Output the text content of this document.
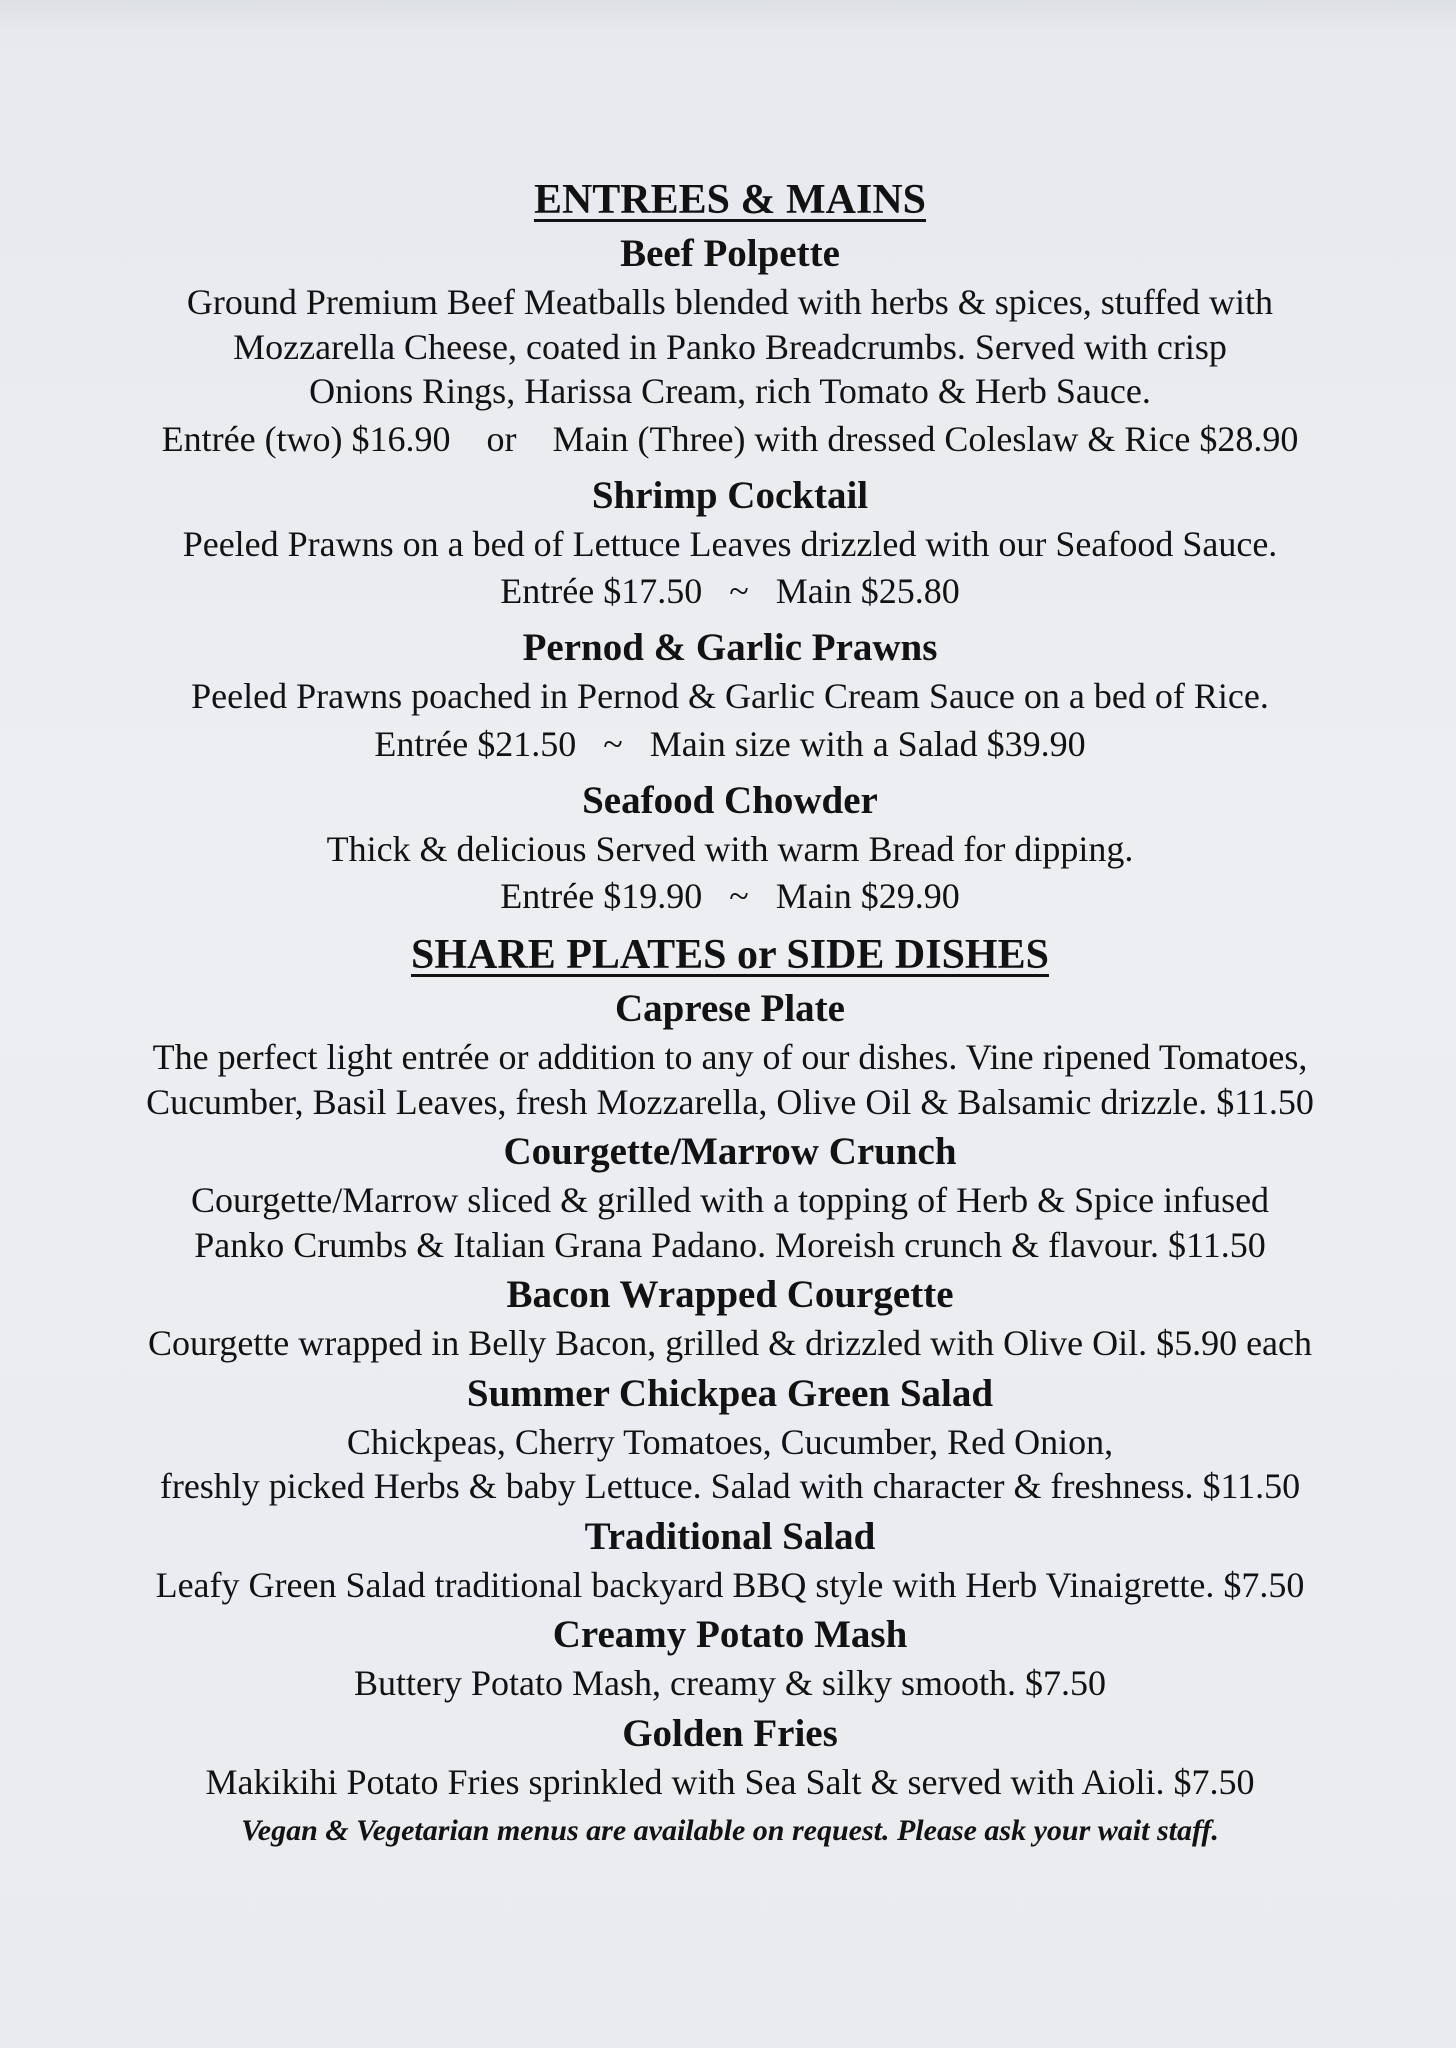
ENTREES & MAINS

Beef Polpette

Ground Premium Beef Meatballs blended with herbs & spices, stuffed with

Mozzarella Cheese, coated in Panko Breadcrumbs. Served with crisp

Onions Rings, Harissa Cream, rich Tomato & Herb Sauce.

Entrée (two) $16.90    or    Main (Three) with dressed Coleslaw & Rice $28.90

Shrimp Cocktail

Peeled Prawns on a bed of Lettuce Leaves drizzled with our Seafood Sauce.

Entrée $17.50   ~   Main $25.80

Pernod & Garlic Prawns

Peeled Prawns poached in Pernod & Garlic Cream Sauce on a bed of Rice.

Entrée $21.50   ~   Main size with a Salad $39.90

Seafood Chowder

Thick & delicious Served with warm Bread for dipping.

Entrée $19.90   ~   Main $29.90

SHARE PLATES or SIDE DISHES

Caprese Plate

The perfect light entrée or addition to any of our dishes. Vine ripened Tomatoes,

Cucumber, Basil Leaves, fresh Mozzarella, Olive Oil & Balsamic drizzle. $11.50

Courgette/Marrow Crunch

Courgette/Marrow sliced & grilled with a topping of Herb & Spice infused

Panko Crumbs & Italian Grana Padano. Moreish crunch & flavour. $11.50

Bacon Wrapped Courgette

Courgette wrapped in Belly Bacon, grilled & drizzled with Olive Oil. $5.90 each

Summer Chickpea Green Salad

Chickpeas, Cherry Tomatoes, Cucumber, Red Onion,

freshly picked Herbs & baby Lettuce. Salad with character & freshness. $11.50

Traditional Salad

Leafy Green Salad traditional backyard BBQ style with Herb Vinaigrette. $7.50

Creamy Potato Mash

Buttery Potato Mash, creamy & silky smooth. $7.50

Golden Fries

Makikihi Potato Fries sprinkled with Sea Salt & served with Aioli. $7.50

Vegan & Vegetarian menus are available on request. Please ask your wait staff.
